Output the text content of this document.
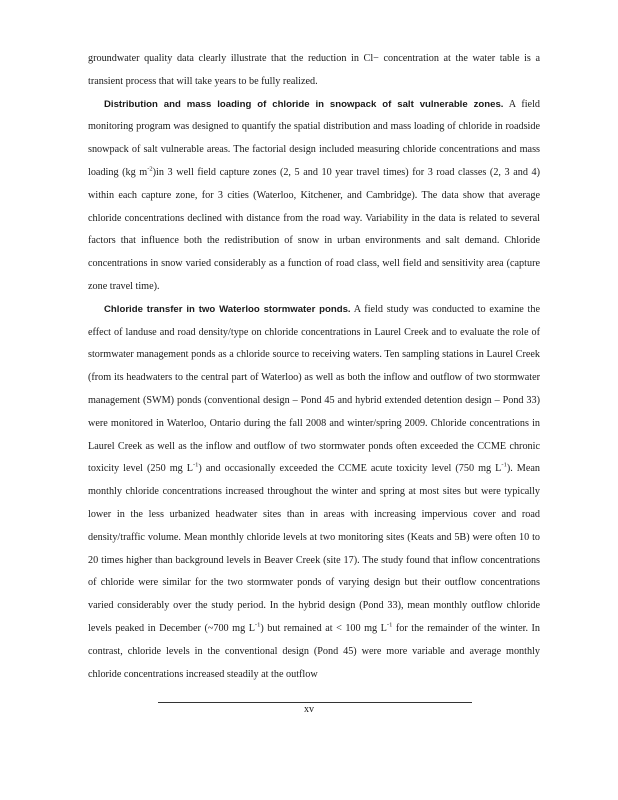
groundwater quality data clearly illustrate that the reduction in Cl− concentration at the water table is a transient process that will take years to be fully realized.

Distribution and mass loading of chloride in snowpack of salt vulnerable zones. A field monitoring program was designed to quantify the spatial distribution and mass loading of chloride in roadside snowpack of salt vulnerable areas. The factorial design included measuring chloride concentrations and mass loading (kg $m^{-2})in$ 3 well field capture zones (2, 5 and 10 year travel times) for 3 road classes (2, 3 and 4) within each capture zone, for 3 cities (Waterloo, Kitchener, and Cambridge). The data show that average chloride concentrations declined with distance from the road way. Variability in the data is related to several factors that influence both the redistribution of snow in urban environments and salt demand. Chloride concentrations in snow varied considerably as a function of road class, well field and sensitivity area (capture zone travel time).

Chloride transfer in two Waterloo stormwater ponds. A field study was conducted to examine the effect of landuse and road density/type on chloride concentrations in Laurel Creek and to evaluate the role of stormwater management ponds as a chloride source to receiving waters. Ten sampling stations in Laurel Creek (from its headwaters to the central part of Waterloo) as well as both the inflow and outflow of two stormwater management (SWM) ponds (conventional design – Pond 45 and hybrid extended detention design – Pond 33) were monitored in Waterloo, Ontario during the fall 2008 and winter/spring 2009. Chloride concentrations in Laurel Creek as well as the inflow and outflow of two stormwater ponds often exceeded the CCME chronic toxicity level (250 mg $L^{-1}$) and occasionally exceeded the CCME acute toxicity level (750 mg $L^{-1}$). Mean monthly chloride concentrations increased throughout the winter and spring at most sites but were typically lower in the less urbanized headwater sites than in areas with increasing impervious cover and road density/traffic volume. Mean monthly chloride levels at two monitoring sites (Keats and 5B) were often 10 to 20 times higher than background levels in Beaver Creek (site 17). The study found that inflow concentrations of chloride were similar for the two stormwater ponds of varying design but their outflow concentrations varied considerably over the study period. In the hybrid design (Pond 33), mean monthly outflow chloride levels peaked in December (~700 mg $L^{-1}$) but remained at < 100 mg $L^{-1}$ for the remainder of the winter. In contrast, chloride levels in the conventional design (Pond 45) were more variable and average monthly chloride concentrations increased steadily at the outflow

xv
